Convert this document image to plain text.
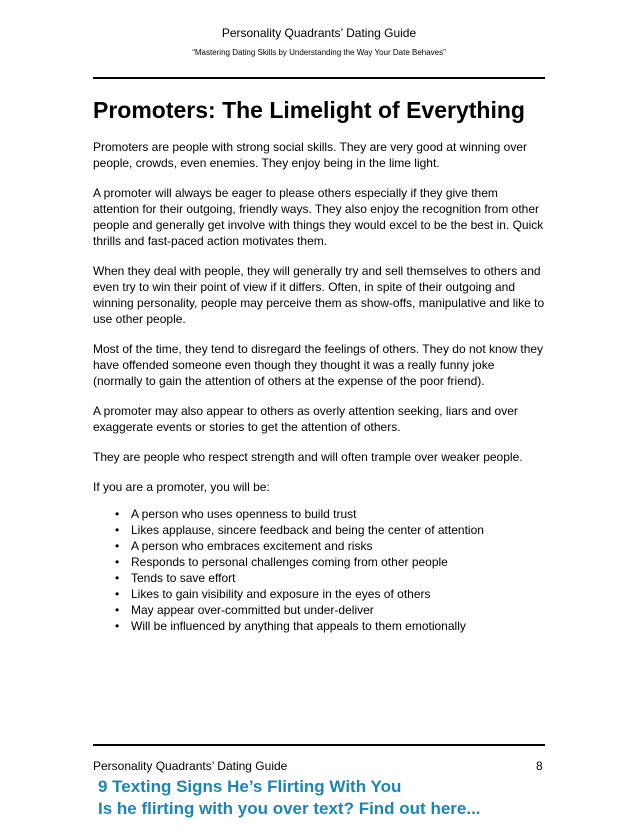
Personality Quadrants’ Dating Guide
“Mastering Dating Skills by Understanding the Way Your Date Behaves”
Promoters: The Limelight of Everything

Promoters are people with strong social skills. They are very good at winning over people, crowds, even enemies. They enjoy being in the lime light.

A promoter will always be eager to please others especially if they give them attention for their outgoing, friendly ways. They also enjoy the recognition from other people and generally get involve with things they would excel to be the best in. Quick thrills and fast-paced action motivates them.

When they deal with people, they will generally try and sell themselves to others and even try to win their point of view if it differs. Often, in spite of their outgoing and winning personality, people may perceive them as show-offs, manipulative and like to use other people.

Most of the time, they tend to disregard the feelings of others. They do not know they have offended someone even though they thought it was a really funny joke (normally to gain the attention of others at the expense of the poor friend).

A promoter may also appear to others as overly attention seeking, liars and over exaggerate events or stories to get the attention of others.

They are people who respect strength and will often trample over weaker people.

If you are a promoter, you will be:

• A person who uses openness to build trust
• Likes applause, sincere feedback and being the center of attention
• A person who embraces excitement and risks
• Responds to personal challenges coming from other people
• Tends to save effort
• Likes to gain visibility and exposure in the eyes of others
• May appear over-committed but under-deliver
• Will be influenced by anything that appeals to them emotionally
Personality Quadrants’ Dating Guide	8
9 Texting Signs He’s Flirting With You
Is he flirting with you over text? Find out here...
